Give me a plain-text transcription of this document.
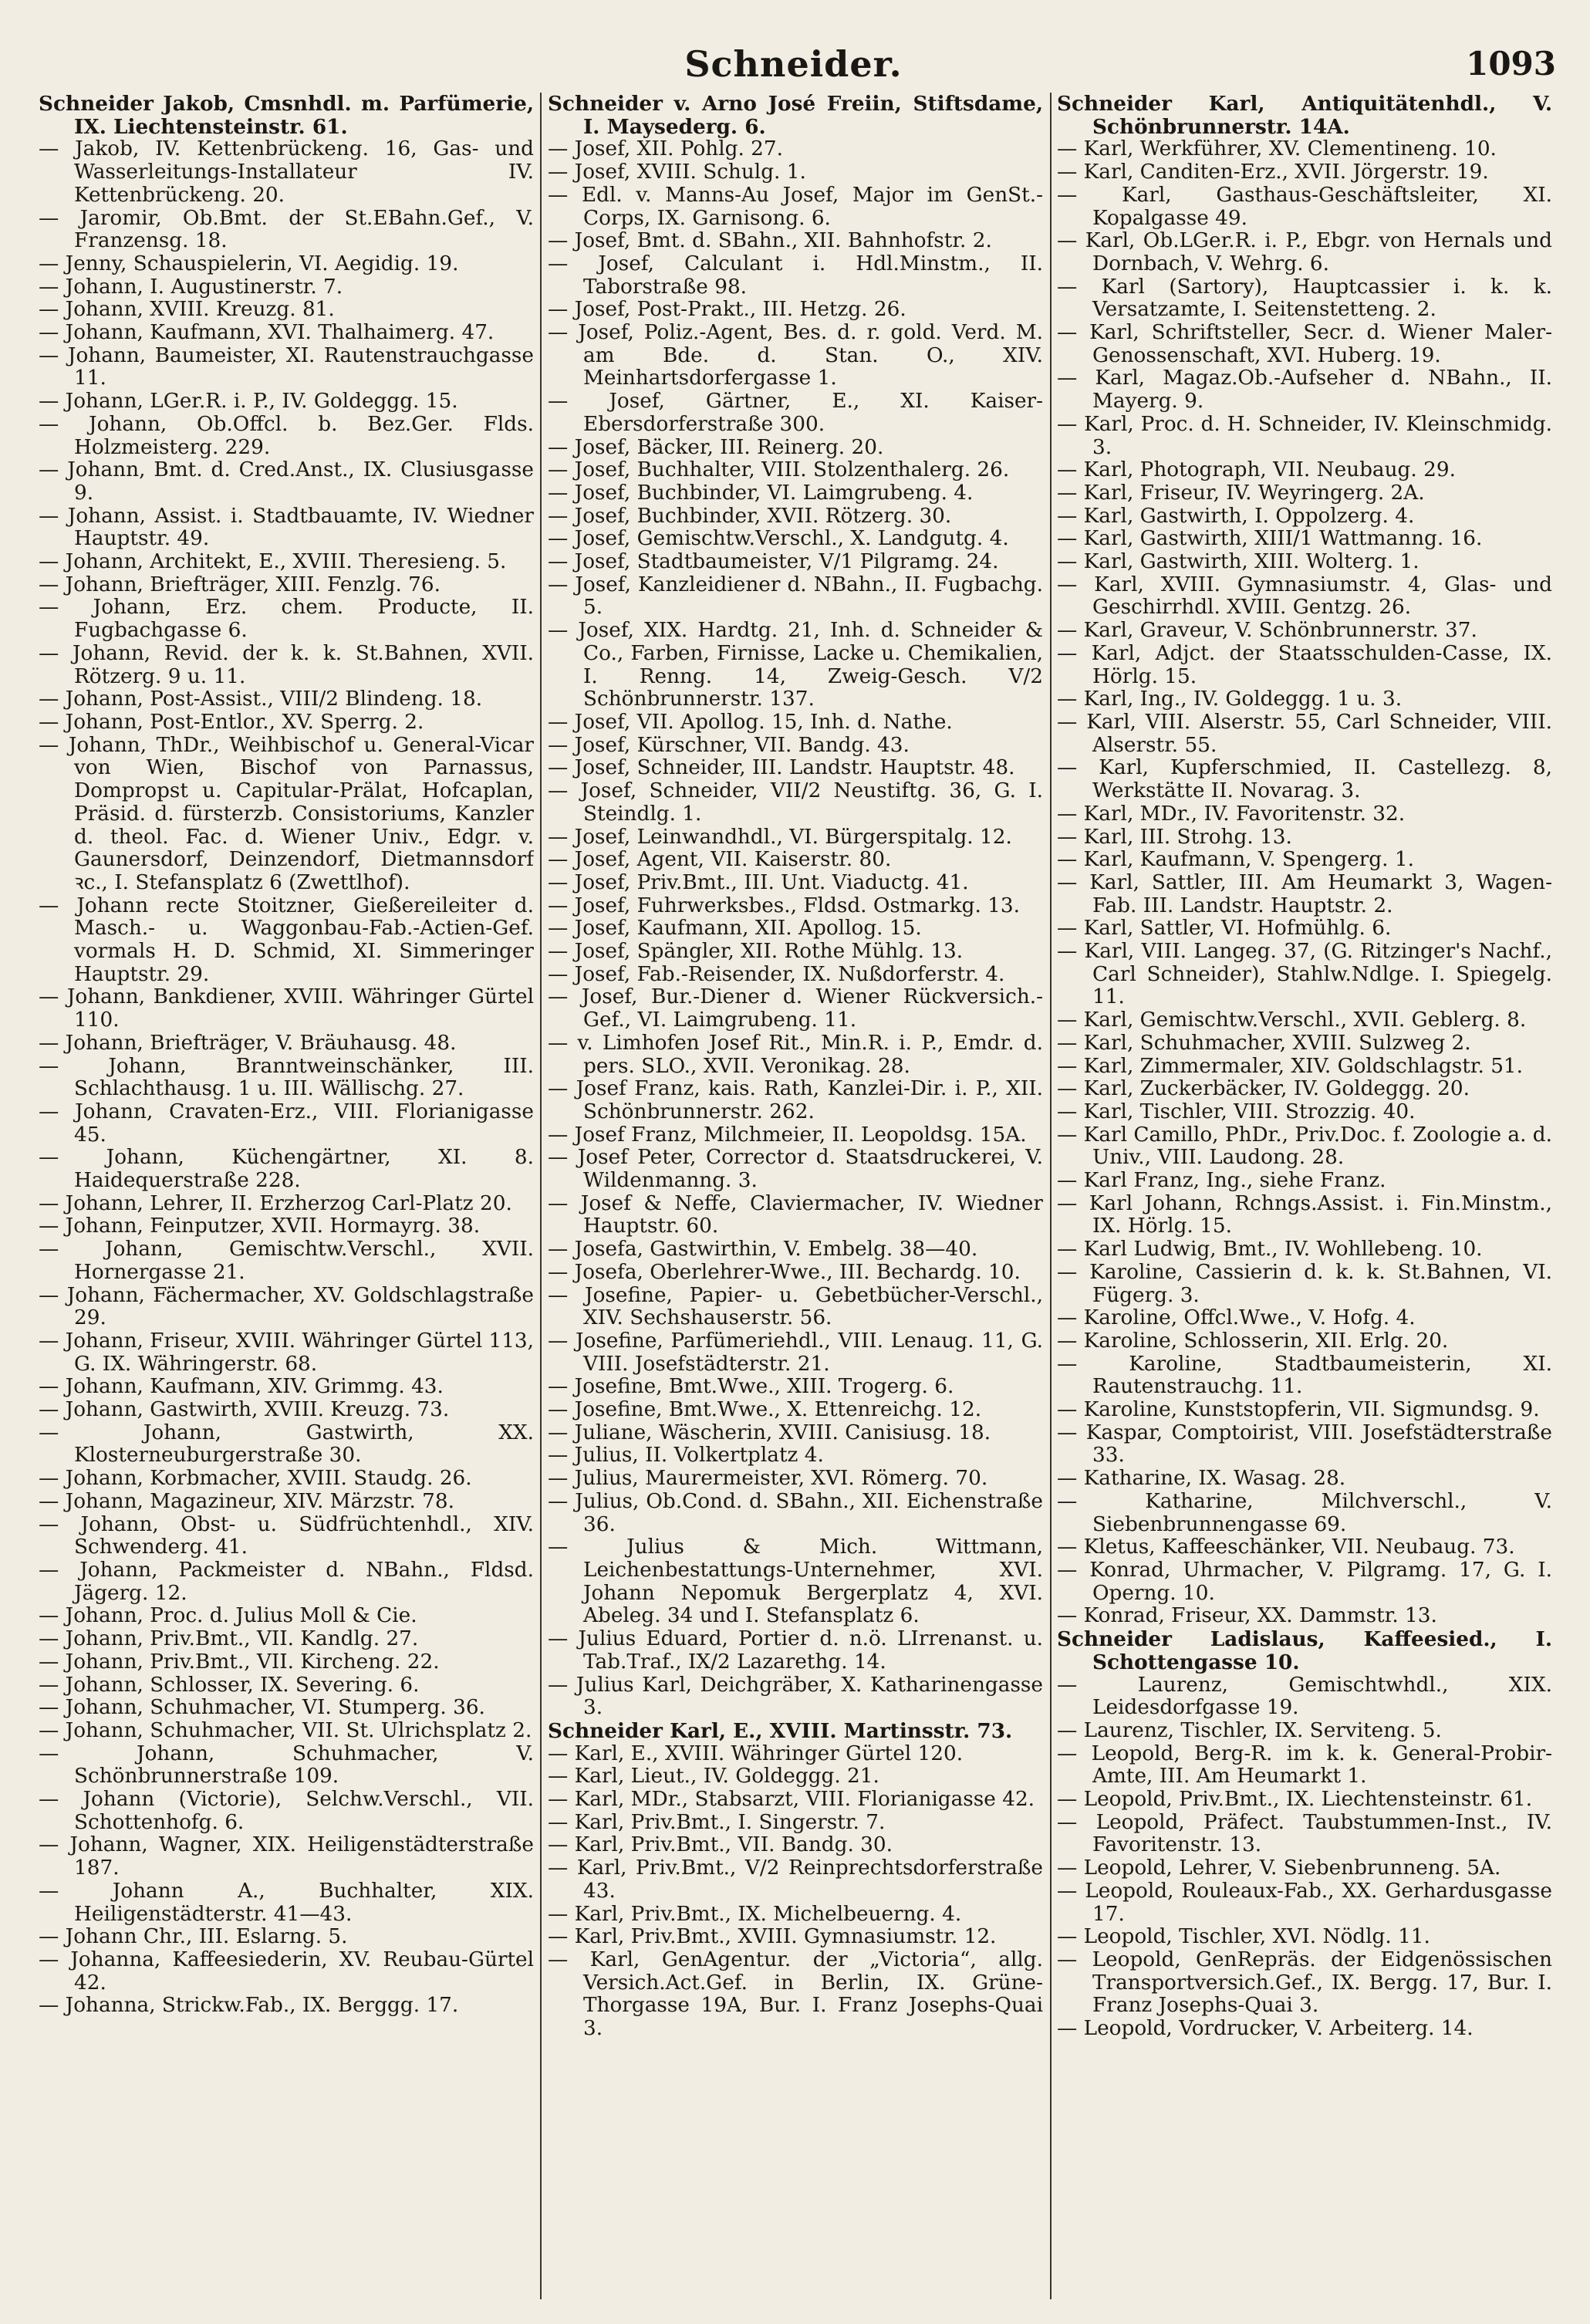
Schneider.	1093

Schneider Jakob, Cmsnhdl. m. Parfümerie, IX. Liechtensteinstr. 61.

— Jakob, IV. Kettenbrückeng. 16, Gas- und Wasserleitungs-Installateur IV. Kettenbrückeng. 20.

— Jaromir, Ob.Bmt. der St.EBahn.Gef., V. Franzensg. 18.

— Jenny, Schauspielerin, VI. Aegidig. 19.

— Johann, I. Augustinerstr. 7.

— Johann, XVIII. Kreuzg. 81.

— Johann, Kaufmann, XVI. Thalhaimerg. 47.

— Johann, Baumeister, XI. Rautenstrauchgasse 11.

— Johann, LGer.R. i. P., IV. Goldeggg. 15.

— Johann, Ob.Offcl. b. Bez.Ger. Flds. Holzmeisterg. 229.

— Johann, Bmt. d. Cred.Anst., IX. Clusiusgasse 9.

— Johann, Assist. i. Stadtbauamte, IV. Wiedner Hauptstr. 49.

— Johann, Architekt, E., XVIII. Theresieng. 5.

— Johann, Briefträger, XIII. Fenzlg. 76.

— Johann, Erz. chem. Producte, II. Fugbachgasse 6.

— Johann, Revid. der k. k. St.Bahnen, XVII. Rötzerg. 9 u. 11.

— Johann, Post-Assist., VIII/2 Blindeng. 18.

— Johann, Post-Entlor., XV. Sperrg. 2.

— Johann, ThDr., Weihbischof u. General-Vicar von Wien, Bischof von Parnassus, Dompropst u. Capitular-Prälat, Hofcaplan, Präsid. d. fürsterzb. Consistoriums, Kanzler d. theol. Fac. d. Wiener Univ., Edgr. v. Gaunersdorf, Deinzendorf, Dietmannsdorf ꝛc., I. Stefansplatz 6 (Zwettlhof).

— Johann recte Stoitzner, Gießereileiter d. Masch.- u. Waggonbau-Fab.-Actien-Gef. vormals H. D. Schmid, XI. Simmeringer Hauptstr. 29.

— Johann, Bankdiener, XVIII. Währinger Gürtel 110.

— Johann, Briefträger, V. Bräuhausg. 48.

— Johann, Branntweinschänker, III. Schlachthausg. 1 u. III. Wällischg. 27.

— Johann, Cravaten-Erz., VIII. Florianigasse 45.

— Johann, Küchengärtner, XI. 8. Haidequerstraße 228.

— Johann, Lehrer, II. Erzherzog Carl-Platz 20.

— Johann, Feinputzer, XVII. Hormayrg. 38.

— Johann, Gemischtw.Verschl., XVII. Hornergasse 21.

— Johann, Fächermacher, XV. Goldschlagstraße 29.

— Johann, Friseur, XVIII. Währinger Gürtel 113, G. IX. Währingerstr. 68.

— Johann, Kaufmann, XIV. Grimmg. 43.

— Johann, Gastwirth, XVIII. Kreuzg. 73.

— Johann, Gastwirth, XX. Klosterneuburgerstraße 30.

— Johann, Korbmacher, XVIII. Staudg. 26.

— Johann, Magazineur, XIV. Märzstr. 78.

— Johann, Obst- u. Südfrüchtenhdl., XIV. Schwenderg. 41.

— Johann, Packmeister d. NBahn., Fldsd. Jägerg. 12.

— Johann, Proc. d. Julius Moll & Cie.

— Johann, Priv.Bmt., VII. Kandlg. 27.

— Johann, Priv.Bmt., VII. Kircheng. 22.

— Johann, Schlosser, IX. Severing. 6.

— Johann, Schuhmacher, VI. Stumperg. 36.

— Johann, Schuhmacher, VII. St. Ulrichsplatz 2.

— Johann, Schuhmacher, V. Schönbrunnerstraße 109.

— Johann (Victorie), Selchw.Verschl., VII. Schottenhofg. 6.

— Johann, Wagner, XIX. Heiligenstädterstraße 187.

— Johann A., Buchhalter, XIX. Heiligenstädterstr. 41—43.

— Johann Chr., III. Eslarng. 5.

— Johanna, Kaffeesiederin, XV. Reubau-Gürtel 42.

— Johanna, Strickw.Fab., IX. Berggg. 17.

Schneider v. Arno José Freiin, Stiftsdame, I. Maysederg. 6.

— Josef, XII. Pohlg. 27.

— Josef, XVIII. Schulg. 1.

— Edl. v. Manns-Au Josef, Major im GenSt.-Corps, IX. Garnisong. 6.

— Josef, Bmt. d. SBahn., XII. Bahnhofstr. 2.

— Josef, Calculant i. Hdl.Minstm., II. Taborstraße 98.

— Josef, Post-Prakt., III. Hetzg. 26.

— Josef, Poliz.-Agent, Bes. d. r. gold. Verd. M. am Bde. d. Stan. O., XIV. Meinhartsdorfergasse 1.

— Josef, Gärtner, E., XI. Kaiser-Ebersdorferstraße 300.

— Josef, Bäcker, III. Reinerg. 20.

— Josef, Buchhalter, VIII. Stolzenthalerg. 26.

— Josef, Buchbinder, VI. Laimgrubeng. 4.

— Josef, Buchbinder, XVII. Rötzerg. 30.

— Josef, Gemischtw.Verschl., X. Landgutg. 4.

— Josef, Stadtbaumeister, V/1 Pilgramg. 24.

— Josef, Kanzleidiener d. NBahn., II. Fugbachg. 5.

— Josef, XIX. Hardtg. 21, Inh. d. Schneider & Co., Farben, Firnisse, Lacke u. Chemikalien, I. Renng. 14, Zweig-Gesch. V/2 Schönbrunnerstr. 137.

— Josef, VII. Apollog. 15, Inh. d. Nathe.

— Josef, Kürschner, VII. Bandg. 43.

— Josef, Schneider, III. Landstr. Hauptstr. 48.

— Josef, Schneider, VII/2 Neustiftg. 36, G. I. Steindlg. 1.

— Josef, Leinwandhdl., VI. Bürgerspitalg. 12.

— Josef, Agent, VII. Kaiserstr. 80.

— Josef, Priv.Bmt., III. Unt. Viaductg. 41.

— Josef, Fuhrwerksbes., Fldsd. Ostmarkg. 13.

— Josef, Kaufmann, XII. Apollog. 15.

— Josef, Spängler, XII. Rothe Mühlg. 13.

— Josef, Fab.-Reisender, IX. Nußdorferstr. 4.

— Josef, Bur.-Diener d. Wiener Rückversich.-Gef., VI. Laimgrubeng. 11.

— v. Limhofen Josef Rit., Min.R. i. P., Emdr. d. pers. SLO., XVII. Veronikag. 28.

— Josef Franz, kais. Rath, Kanzlei-Dir. i. P., XII. Schönbrunnerstr. 262.

— Josef Franz, Milchmeier, II. Leopoldsg. 15A.

— Josef Peter, Corrector d. Staatsdruckerei, V. Wildenmanng. 3.

— Josef & Neffe, Claviermacher, IV. Wiedner Hauptstr. 60.

— Josefa, Gastwirthin, V. Embelg. 38—40.

— Josefa, Oberlehrer-Wwe., III. Bechardg. 10.

— Josefine, Papier- u. Gebetbücher-Verschl., XIV. Sechshauserstr. 56.

— Josefine, Parfümeriehdl., VIII. Lenaug. 11, G. VIII. Josefstädterstr. 21.

— Josefine, Bmt.Wwe., XIII. Trogerg. 6.

— Josefine, Bmt.Wwe., X. Ettenreichg. 12.

— Juliane, Wäscherin, XVIII. Canisiusg. 18.

— Julius, II. Volkertplatz 4.

— Julius, Maurermeister, XVI. Römerg. 70.

— Julius, Ob.Cond. d. SBahn., XII. Eichenstraße 36.

— Julius & Mich. Wittmann, Leichenbestattungs-Unternehmer, XVI. Johann Nepomuk Bergerplatz 4, XVI. Abeleg. 34 und I. Stefansplatz 6.

— Julius Eduard, Portier d. n.ö. LIrrenanst. u. Tab.Traf., IX/2 Lazarethg. 14.

— Julius Karl, Deichgräber, X. Katharinengasse 3.

Schneider Karl, E., XVIII. Martinsstr. 73.

— Karl, E., XVIII. Währinger Gürtel 120.

— Karl, Lieut., IV. Goldeggg. 21.

— Karl, MDr., Stabsarzt, VIII. Florianigasse 42.

— Karl, Priv.Bmt., I. Singerstr. 7.

— Karl, Priv.Bmt., VII. Bandg. 30.

— Karl, Priv.Bmt., V/2 Reinprechtsdorferstraße 43.

— Karl, Priv.Bmt., IX. Michelbeuerng. 4.

— Karl, Priv.Bmt., XVIII. Gymnasiumstr. 12.

— Karl, GenAgentur. der „Victoria“, allg. Versich.Act.Gef. in Berlin, IX. Grüne-Thorgasse 19A, Bur. I. Franz Josephs-Quai 3.

Schneider Karl, Antiquitätenhdl., V. Schönbrunnerstr. 14A.

— Karl, Werkführer, XV. Clementineng. 10.

— Karl, Canditen-Erz., XVII. Jörgerstr. 19.

— Karl, Gasthaus-Geschäftsleiter, XI. Kopalgasse 49.

— Karl, Ob.LGer.R. i. P., Ebgr. von Hernals und Dornbach, V. Wehrg. 6.

— Karl (Sartory), Hauptcassier i. k. k. Versatzamte, I. Seitenstetteng. 2.

— Karl, Schriftsteller, Secr. d. Wiener Maler-Genossenschaft, XVI. Huberg. 19.

— Karl, Magaz.Ob.-Aufseher d. NBahn., II. Mayerg. 9.

— Karl, Proc. d. H. Schneider, IV. Kleinschmidg. 3.

— Karl, Photograph, VII. Neubaug. 29.

— Karl, Friseur, IV. Weyringerg. 2A.

— Karl, Gastwirth, I. Oppolzerg. 4.

— Karl, Gastwirth, XIII/1 Wattmanng. 16.

— Karl, Gastwirth, XIII. Wolterg. 1.

— Karl, XVIII. Gymnasiumstr. 4, Glas- und Geschirrhdl. XVIII. Gentzg. 26.

— Karl, Graveur, V. Schönbrunnerstr. 37.

— Karl, Adjct. der Staatsschulden-Casse, IX. Hörlg. 15.

— Karl, Ing., IV. Goldeggg. 1 u. 3.

— Karl, VIII. Alserstr. 55, Carl Schneider, VIII. Alserstr. 55.

— Karl, Kupferschmied, II. Castellezg. 8, Werkstätte II. Novarag. 3.

— Karl, MDr., IV. Favoritenstr. 32.

— Karl, III. Strohg. 13.

— Karl, Kaufmann, V. Spengerg. 1.

— Karl, Sattler, III. Am Heumarkt 3, Wagen-Fab. III. Landstr. Hauptstr. 2.

— Karl, Sattler, VI. Hofmühlg. 6.

— Karl, VIII. Langeg. 37, (G. Ritzinger's Nachf., Carl Schneider), Stahlw.Ndlge. I. Spiegelg. 11.

— Karl, Gemischtw.Verschl., XVII. Geblerg. 8.

— Karl, Schuhmacher, XVIII. Sulzweg 2.

— Karl, Zimmermaler, XIV. Goldschlagstr. 51.

— Karl, Zuckerbäcker, IV. Goldeggg. 20.

— Karl, Tischler, VIII. Strozzig. 40.

— Karl Camillo, PhDr., Priv.Doc. f. Zoologie a. d. Univ., VIII. Laudong. 28.

— Karl Franz, Ing., siehe Franz.

— Karl Johann, Rchngs.Assist. i. Fin.Minstm., IX. Hörlg. 15.

— Karl Ludwig, Bmt., IV. Wohllebeng. 10.

— Karoline, Cassierin d. k. k. St.Bahnen, VI. Fügerg. 3.

— Karoline, Offcl.Wwe., V. Hofg. 4.

— Karoline, Schlosserin, XII. Erlg. 20.

— Karoline, Stadtbaumeisterin, XI. Rautenstrauchg. 11.

— Karoline, Kunststopferin, VII. Sigmundsg. 9.

— Kaspar, Comptoirist, VIII. Josefstädterstraße 33.

— Katharine, IX. Wasag. 28.

— Katharine, Milchverschl., V. Siebenbrunnengasse 69.

— Kletus, Kaffeeschänker, VII. Neubaug. 73.

— Konrad, Uhrmacher, V. Pilgramg. 17, G. I. Operng. 10.

— Konrad, Friseur, XX. Dammstr. 13.

Schneider Ladislaus, Kaffeesied., I. Schottengasse 10.

— Laurenz, Gemischtwhdl., XIX. Leidesdorfgasse 19.

— Laurenz, Tischler, IX. Serviteng. 5.

— Leopold, Berg-R. im k. k. General-Probir-Amte, III. Am Heumarkt 1.

— Leopold, Priv.Bmt., IX. Liechtensteinstr. 61.

— Leopold, Präfect. Taubstummen-Inst., IV. Favoritenstr. 13.

— Leopold, Lehrer, V. Siebenbrunneng. 5A.

— Leopold, Rouleaux-Fab., XX. Gerhardusgasse 17.

— Leopold, Tischler, XVI. Nödlg. 11.

— Leopold, GenRepräs. der Eidgenössischen Transportversich.Gef., IX. Bergg. 17, Bur. I. Franz Josephs-Quai 3.

— Leopold, Vordrucker, V. Arbeiterg. 14.
